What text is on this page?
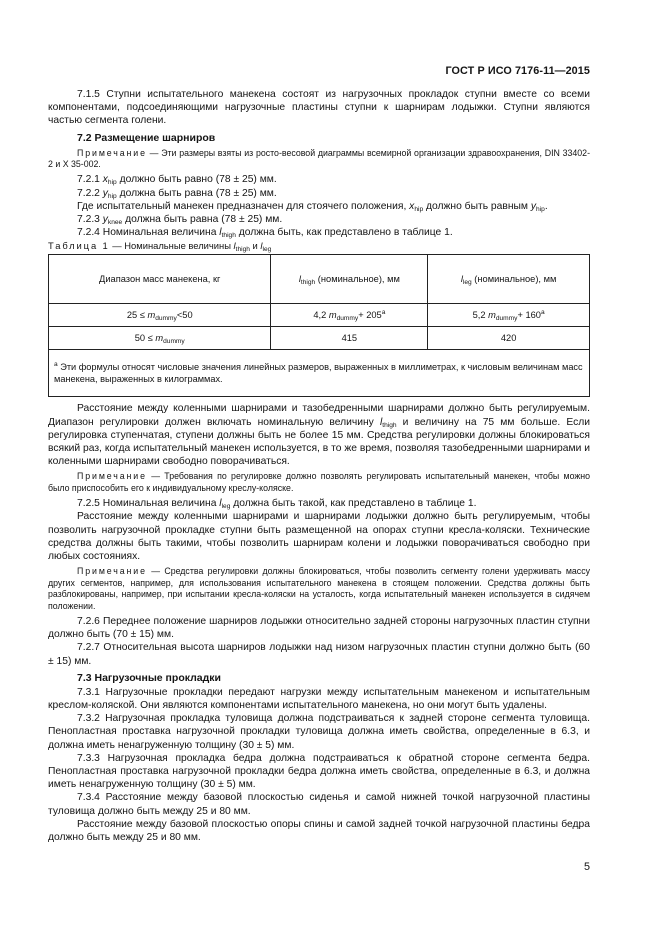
ГОСТ Р ИСО 7176-11—2015

7.1.5 Ступни испытательного манекена состоят из нагрузочных прокладок ступни вместе со всеми компонентами, подсоединяющими нагрузочные пластины ступни к шарнирам лодыжки. Ступни являются частью сегмента голени.

7.2 Размещение шарниров

Примечание — Эти размеры взяты из росто-весовой диаграммы всемирной организации здравоохранения, DIN 33402-2 и X 35-002.

7.2.1 $x_{hip}$ должно быть равно (78 ± 25) мм.

7.2.2 $y_{hip}$ должна быть равна (78 ± 25) мм.

Где испытательный манекен предназначен для стоячего положения, $x_{hip}$ должно быть равным $y_{hip}$.

7.2.3 $y_{knee}$ должна быть равна (78 ± 25) мм.

7.2.4 Номинальная величина $l_{thigh}$ должна быть, как представлено в таблице 1.

Таблица 1 — Номинальные величины $l_{thigh}$ и $l_{leg}$
Диапазон масс манекена, кг	$l_{thigh}$ (номинальное), мм	$l_{leg}$ (номинальное), мм
$25 \le m_{dummy}<50$	4,2 $m_{dummy}+ 205^a$	5,2 $m_{dummy}+ 160^a$
$50 \le m_{dummy}$	415	420
$^a$ Эти формулы относят числовые значения линейных размеров, выраженных в миллиметрах, к числовым величинам масс манекена, выраженных в килограммах.		

Расстояние между коленными шарнирами и тазобедренными шарнирами должно быть регулируемым. Диапазон регулировки должен включать номинальную величину $l_{thigh}$ и величину на 75 мм больше. Если регулировка ступенчатая, ступени должны быть не более 15 мм. Средства регулировки должны блокироваться всякий раз, когда испытательный манекен используется, в то же время, позволяя тазобедренными шарнирами и коленными шарнирами свободно поворачиваться.

Примечание — Требования по регулировке должно позволять регулировать испытательный манекен, чтобы можно было приспособить его к индивидуальному креслу-коляске.

7.2.5 Номинальная величина $l_{leg}$ должна быть такой, как представлено в таблице 1.

Расстояние между коленными шарнирами и шарнирами лодыжки должно быть регулируемым, чтобы позволить нагрузочной прокладке ступни быть размещенной на опорах ступни кресла-коляски. Технические средства должны быть такими, чтобы позволить шарнирам колени и лодыжки поворачиваться свободно при любых состояниях.

Примечание — Средства регулировки должны блокироваться, чтобы позволить сегменту голени удерживать массу других сегментов, например, для использования испытательного манекена в стоящем положении. Средства должны быть разблокированы, например, при испытании кресла-коляски на усталость, когда испытательный манекен используется в сидячем положении.

7.2.6 Переднее положение шарниров лодыжки относительно задней стороны нагрузочных пластин ступни должно быть (70 ± 15) мм.

7.2.7 Относительная высота шарниров лодыжки над низом нагрузочных пластин ступни должно быть (60 ± 15) мм.

7.3 Нагрузочные прокладки

7.3.1 Нагрузочные прокладки передают нагрузки между испытательным манекеном и испытательным креслом-коляской. Они являются компонентами испытательного манекена, но они могут быть удалены.

7.3.2 Нагрузочная прокладка туловища должна подстраиваться к задней стороне сегмента туловища. Пенопластная проставка нагрузочной прокладки туловища должна иметь свойства, определенные в 6.3, и должна иметь ненагруженную толщину (30 ± 5) мм.

7.3.3 Нагрузочная прокладка бедра должна подстраиваться к обратной стороне сегмента бедра. Пенопластная проставка нагрузочной прокладки бедра должна иметь свойства, определенные в 6.3, и должна иметь ненагруженную толщину (30 ± 5) мм.

7.3.4 Расстояние между базовой плоскостью сиденья и самой нижней точкой нагрузочной пластины туловища должно быть между 25 и 80 мм.

Расстояние между базовой плоскостью опоры спины и самой задней точкой нагрузочной пластины бедра должно быть между 25 и 80 мм.

5
